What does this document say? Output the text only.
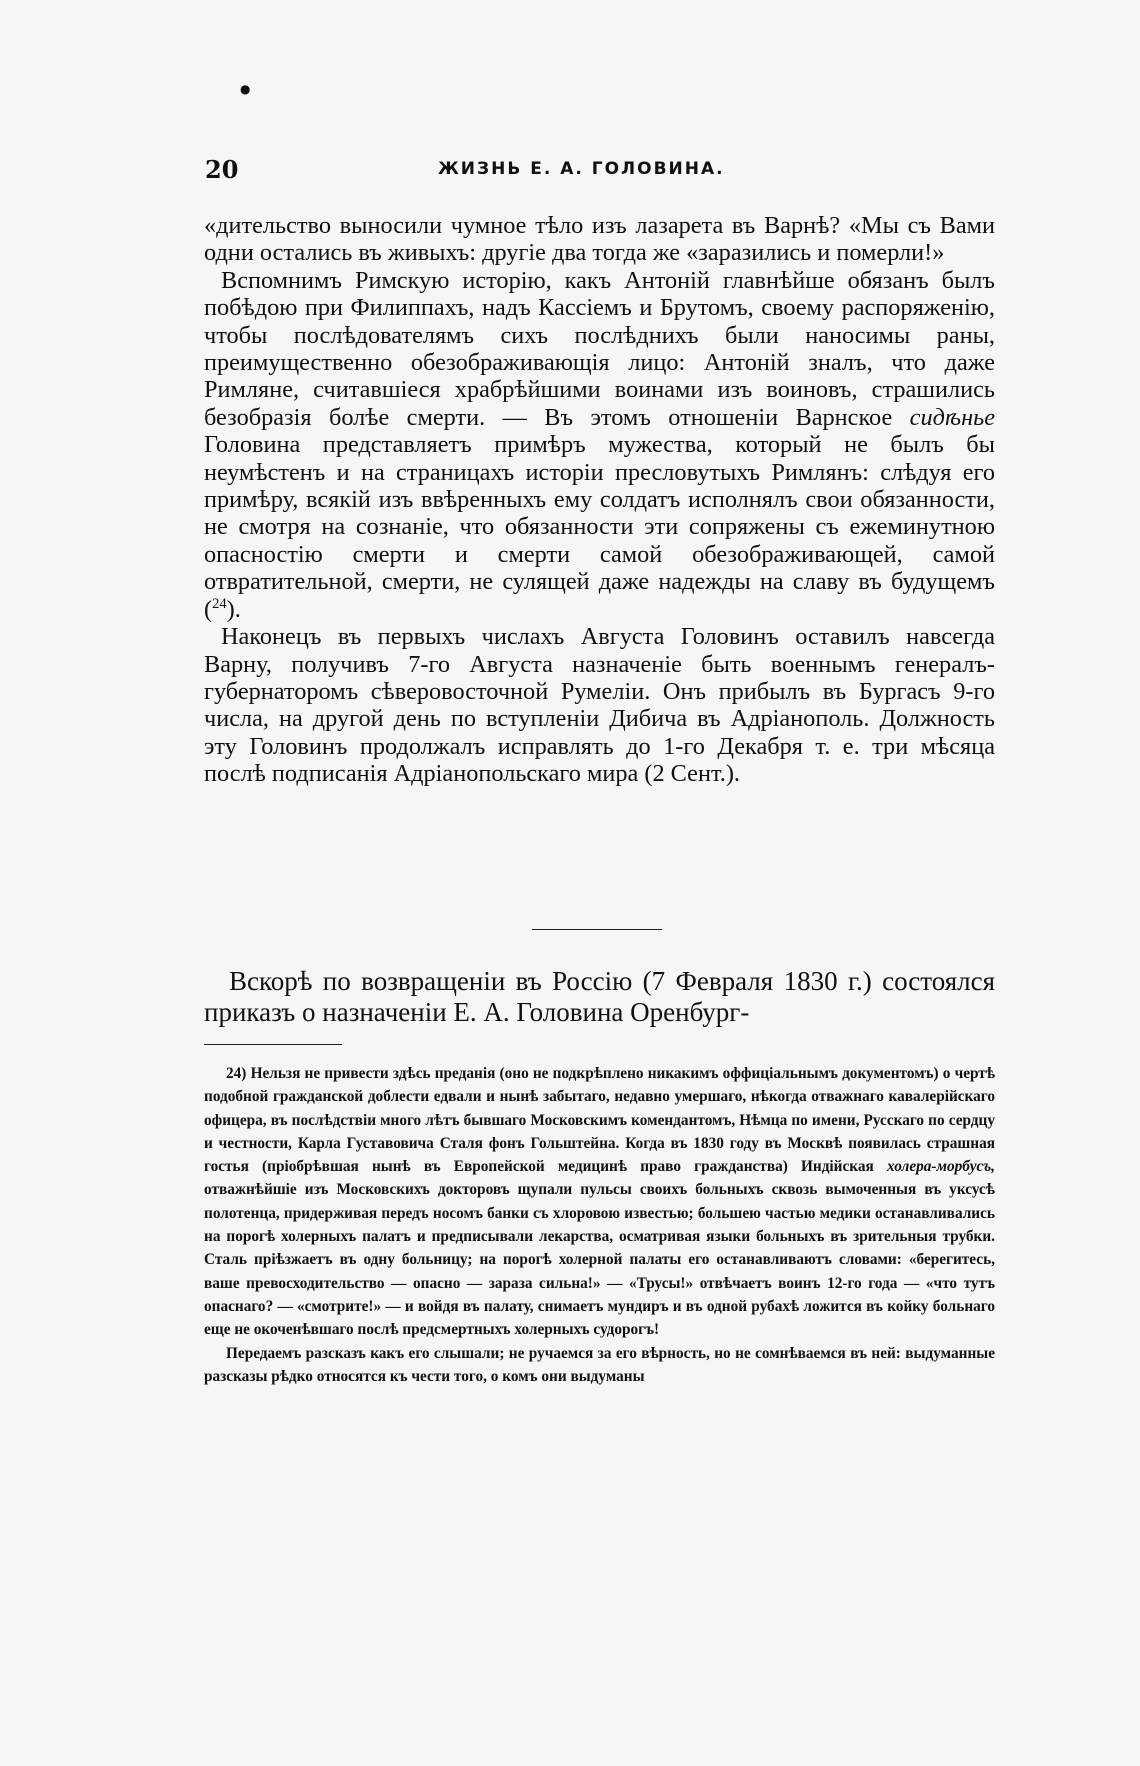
●
20	ЖИЗНЬ Е. А. ГОЛОВИНА.

«дительство выносили чумное тѣло изъ лазарета въ Варнѣ? «Мы съ Вами одни остались въ живыхъ: другіе два тогда же «заразились и померли!»

Вспомнимъ Римскую исторію, какъ Антоній главнѣйше обязанъ былъ побѣдою при Филиппахъ, надъ Кассіемъ и Брутомъ, своему распоряженію, чтобы послѣдователямъ сихъ послѣднихъ были наносимы раны, преимущественно обезображивающія лицо: Антоній зналъ, что даже Римляне, считавшіеся храбрѣйшими воинами изъ воиновъ, страшились безобразія болѣе смерти. — Въ этомъ отношеніи Варнское сидѣнье Головина представляетъ примѣръ мужества, который не былъ бы неумѣстенъ и на страницахъ исторіи пресловутыхъ Римлянъ: слѣдуя его примѣру, всякій изъ ввѣренныхъ ему солдатъ исполнялъ свои обязанности, не смотря на сознаніе, что обязанности эти сопряжены съ ежеминутною опасностію смерти и смерти самой обезображивающей, самой отвратительной, смерти, не сулящей даже надежды на славу въ будущемъ ($^{24}$).

Наконецъ въ первыхъ числахъ Августа Головинъ оставилъ навсегда Варну, получивъ 7-го Августа назначеніе быть военнымъ генералъ-губернаторомъ сѣверовосточной Румеліи. Онъ прибылъ въ Бургасъ 9-го числа, на другой день по вступленіи Дибича въ Адріанополь. Должность эту Головинъ продолжалъ исправлять до 1-го Декабря т. е. три мѣсяца послѣ подписанія Адріанопольскаго мира (2 Сент.).

Вскорѣ по возвращеніи въ Россію (7 Февраля 1830 г.) состоялся приказъ о назначеніи Е. А. Головина Оренбург-

24) Нельзя не привести здѣсь преданія (оно не подкрѣплено никакимъ оффиціальнымъ документомъ) о чертѣ подобной гражданской доблести едвали и нынѣ забытаго, недавно умершаго, нѣкогда отважнаго кавалерійскаго офицера, въ послѣдствіи много лѣтъ бывшаго Московскимъ комендантомъ, Нѣмца по имени, Русскаго по сердцу и честности, Карла Густавовича Сталя фонъ Гольштейна. Когда въ 1830 году въ Москвѣ появилась страшная гостья (пріобрѣвшая нынѣ въ Европейской медицинѣ право гражданства) Индійская холера-морбусъ, отважнѣйшіе изъ Московскихъ докторовъ щупали пульсы своихъ больныхъ сквозь вымоченныя въ уксусѣ полотенца, придерживая передъ носомъ банки съ хлоровою известью; большею частью медики останавливались на порогѣ холерныхъ палатъ и предписывали лекарства, осматривая языки больныхъ въ зрительныя трубки. Сталь пріѣзжаетъ въ одну больницу; на порогѣ холерной палаты его останавливаютъ словами: «берегитесь, ваше превосходительство — опасно — зараза сильна!» — «Трусы!» отвѣчаетъ воинъ 12-го года — «что тутъ опаснаго? — «смотрите!» — и войдя въ палату, снимаетъ мундиръ и въ одной рубахѣ ложится въ койку больнаго еще не окоченѣвшаго послѣ предсмертныхъ холерныхъ судорогъ!

Передаемъ разсказъ какъ его слышали; не ручаемся за его вѣрность, но не сомнѣваемся въ ней: выдуманные разсказы рѣдко относятся къ чести того, о комъ они выдуманы
